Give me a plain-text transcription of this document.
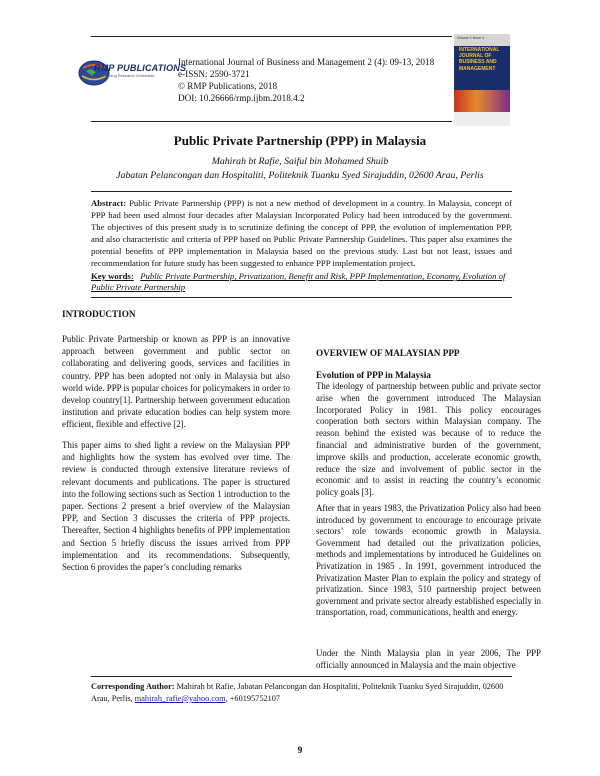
RMP PUBLICATIONS
Advancing Research Worldwide
International Journal of Business and Management 2 (4): 09-13, 2018
e-ISSN: 2590-3721
© RMP Publications, 2018
DOI: 10.26666/rmp.ijbm.2018.4.2
Volume 2 Issue 4
INTERNATIONAL JOURNAL OF BUSINESS AND MANAGEMENT
Public Private Partnership (PPP) in Malaysia
Mahirah bt Rafie, Saiful bin Mohamed Shuib
Jabatan Pelancongan dan Hospitaliti, Politeknik Tuanku Syed Sirajuddin, 02600 Arau, Perlis
Abstract: Public Private Partnership (PPP) is not a new method of development in a country. In Malaysia, concept of PPP had been used almost four decades after Malaysian Incorporated Policy had been introduced by the government. The objectives of this present study is to scrutinize defining the concept of PPP, the evolution of implementation PPP, and also characteristic and criteria of PPP based on Public Private Partnership Guidelines. This paper also examines the potential benefits of PPP implementation in Malaysia based on the previous study. Last but not least, issues and recommendation for future study has been suggested to enhance PPP implementation project.
Key words: Public Private Partnership, Privatization, Benefit and Risk, PPP Implementation, Economy, Evolution of Public Private Partnership
INTRODUCTION
Public Private Partnership or known as PPP is an innovative approach between government and public sector on collaborating and delivering goods, services and facilities in country. PPP has been adopted not only in Malaysia but also world wide. PPP is popular choices for policymakers in order to develop country[1]. Partnership between government education institution and private education bodies can help system more efficient, flexible and effective [2].
This paper aims to shed light a review on the Malaysian PPP and highlights how the system has evolved over time. The review is conducted through extensive literature reviews of relevant documents and publications. The paper is structured into the following sections such as Section 1 introduction to the paper. Sections 2 present a brief overview of the Malaysian PPP, and Section 3 discusses the criteria of PPP projects. Thereafter, Section 4 highlights benefits of PPP implementation and Section 5 briefly discuss the issues arrived from PPP implementation and its recommendations. Subsequently, Section 6 provides the paper’s concluding remarks
OVERVIEW OF MALAYSIAN PPP
Evolution of PPP in Malaysia
The ideology of partnership between public and private sector arise when the government introduced The Malaysian Incorporated Policy in 1981. This policy encourages cooperation both sectors within Malaysian company. The reason behind the existed was because of to reduce the financial and administrative burden of the government, improve skills and production, accelerate economic growth, reduce the size and involvement of public sector in the economic and to assist in reacting the country’s economic policy goals [3].
After that in years 1983, the Privatization Policy also had been introduced by government to encourage to encourage private sectors’ role towards economic growth in Malaysia. Government had detailed out the privatization policies, methods and implementations by introduced he Guidelines on Privatization in 1985 . In 1991, government introduced the Privatization Master Plan to explain the policy and strategy of privatization. Since 1983, 510 partnership project between government and private sector already established especially in transportation, road, communications, health and energy.
Under the Ninth Malaysia plan in year 2006, The PPP officially announced in Malaysia and the main objective
Corresponding Author: Mahirah bt Rafie, Jabatan Pelancongan dan Hospitaliti, Politeknik Tuanku Syed Sirajuddin, 02600 Arau, Perlis, mahirah_rafie@yahoo.com, +60195752107
9
